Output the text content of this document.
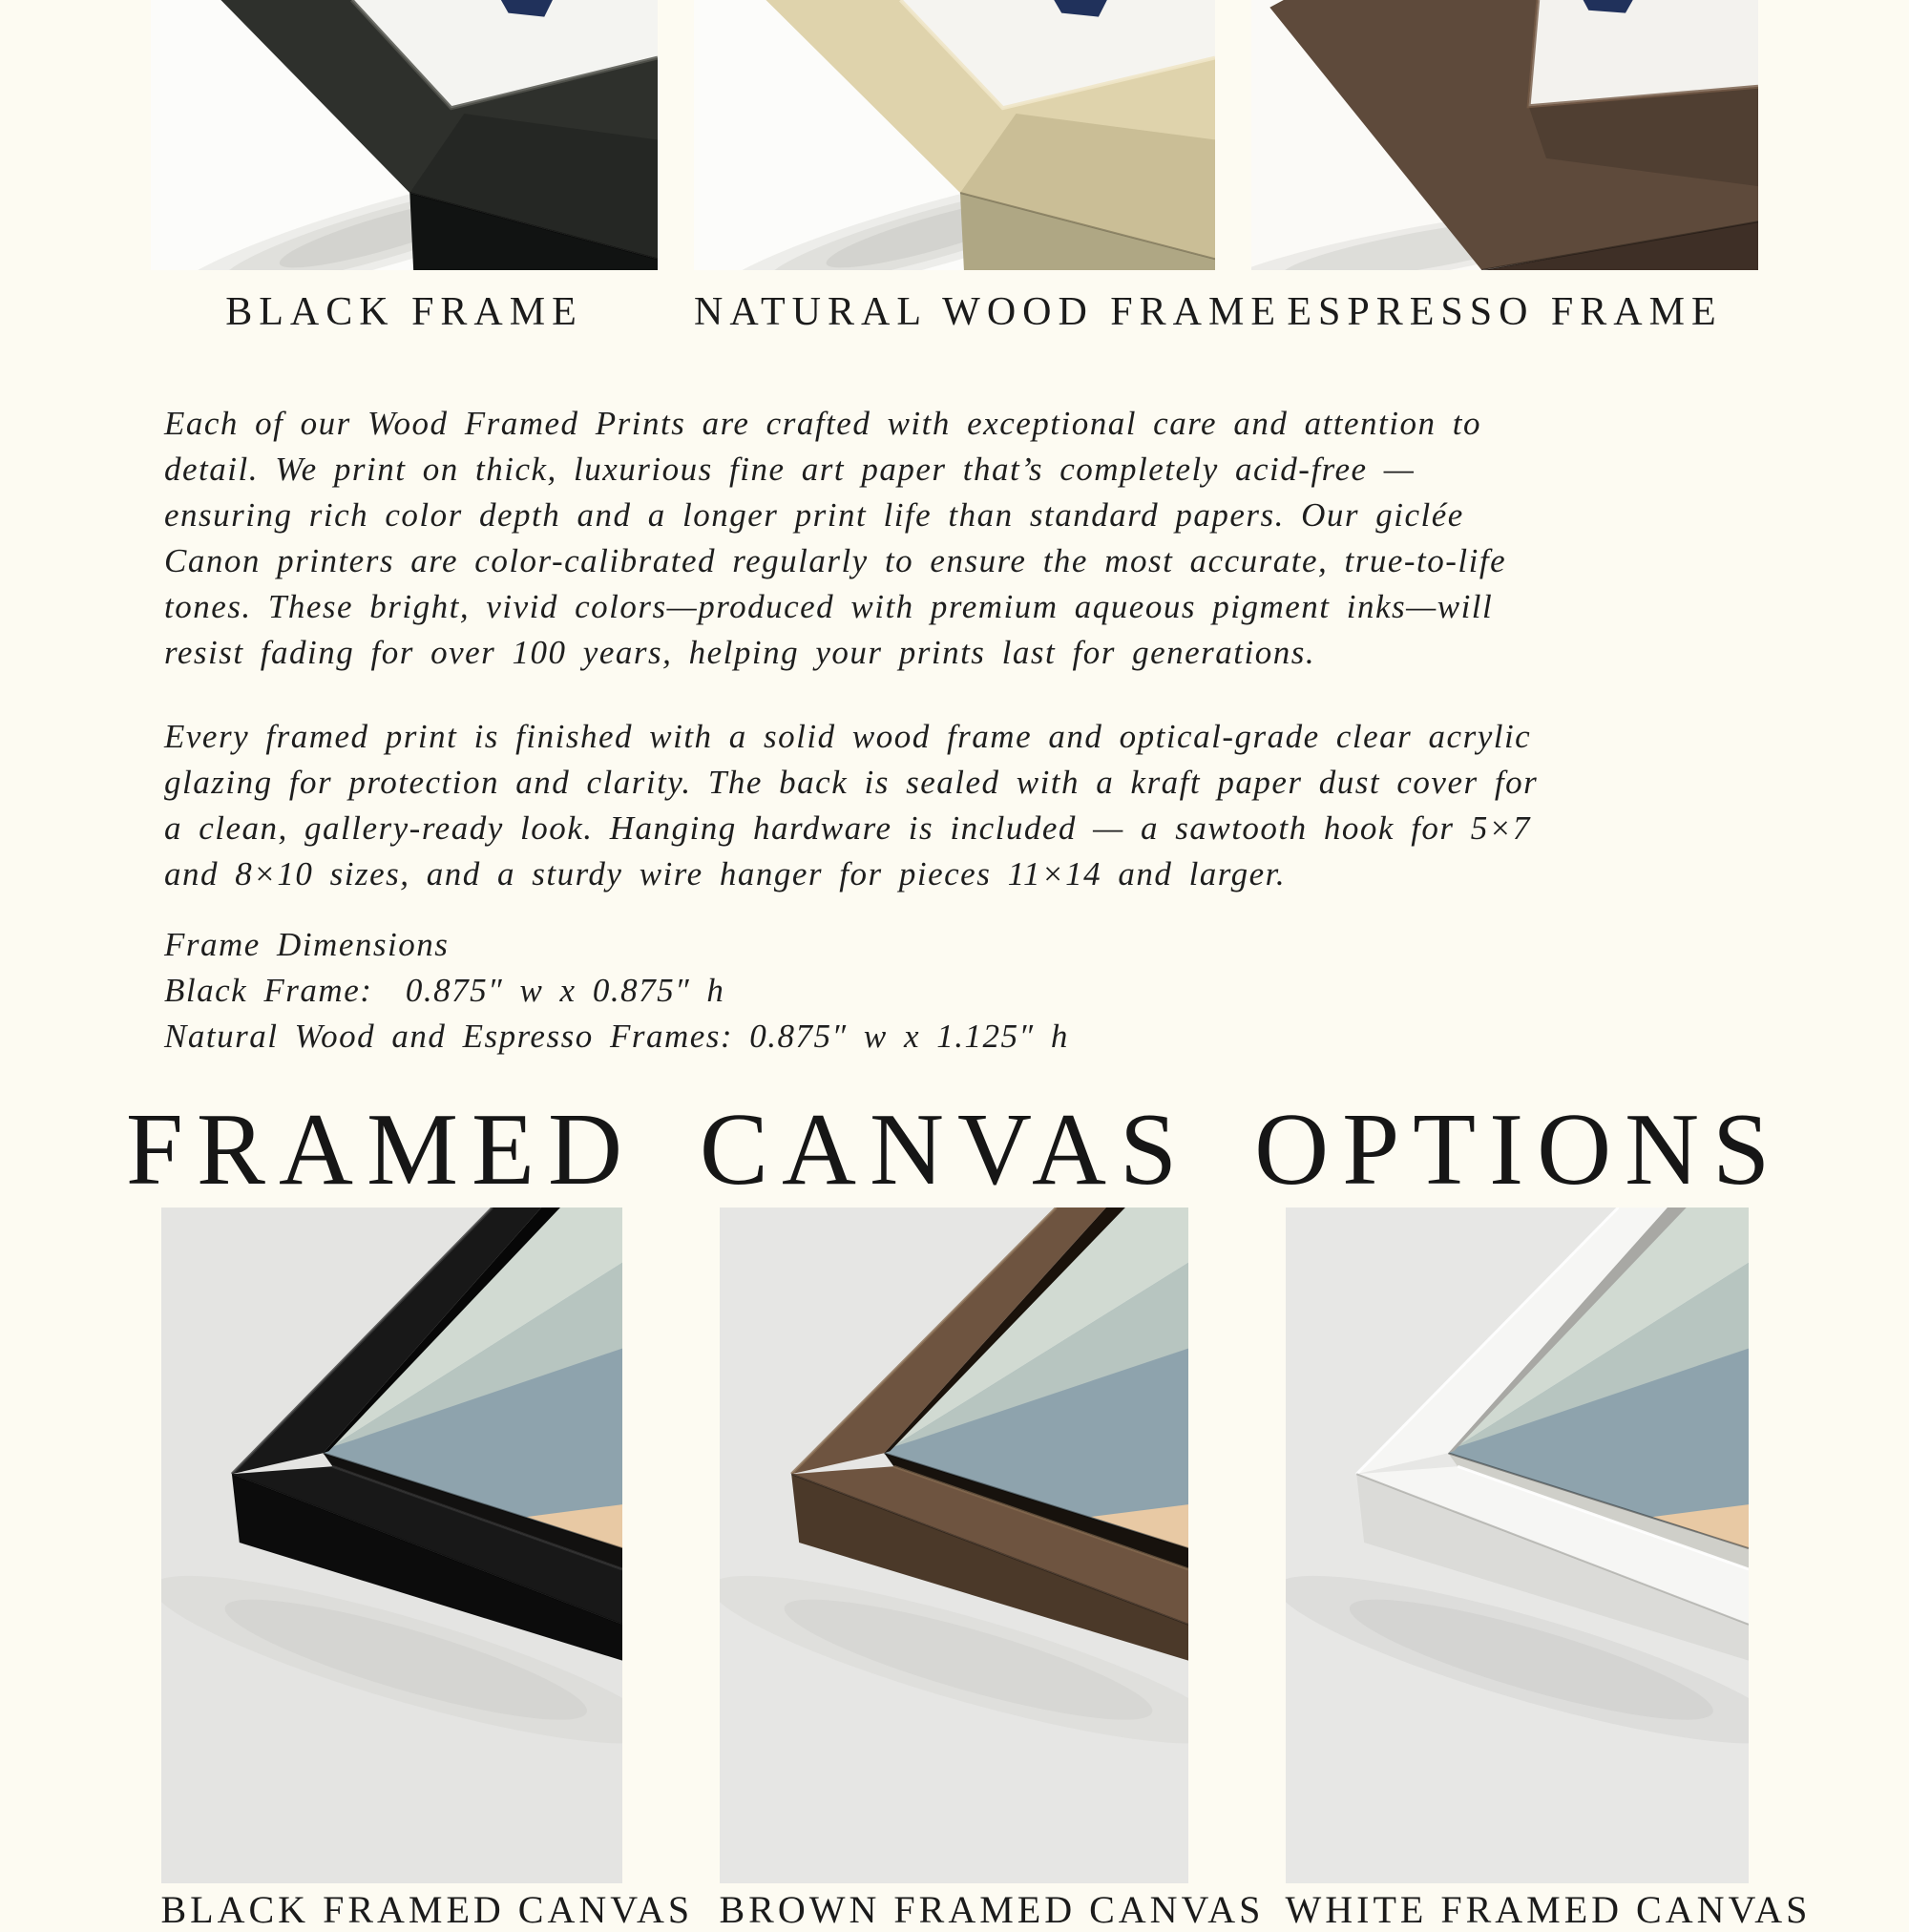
BLACK FRAME	NATURAL WOOD FRAME ESPRESSO FRAME
Each of our Wood Framed Prints are crafted with exceptional care and attention to
detail. We print on thick, luxurious fine art paper that’s completely acid-free —
ensuring rich color depth and a longer print life than standard papers. Our giclée
Canon printers are color-calibrated regularly to ensure the most accurate, true-to-life
tones. These bright, vivid colors—produced with premium aqueous pigment inks—will
resist fading for over 100 years, helping your prints last for generations.
Every framed print is finished with a solid wood frame and optical-grade clear acrylic
glazing for protection and clarity. The back is sealed with a kraft paper dust cover for
a clean, gallery-ready look. Hanging hardware is included — a sawtooth hook for 5×7
and 8×10 sizes, and a sturdy wire hanger for pieces 11×14 and larger.
Frame Dimensions
Black Frame:  0.875″ w x 0.875″ h
Natural Wood and Espresso Frames: 0.875″ w x 1.125″ h
FRAMED CANVAS OPTIONS
BLACK FRAMED CANVAS BROWN FRAMED CANVAS WHITE FRAMED CANVAS
